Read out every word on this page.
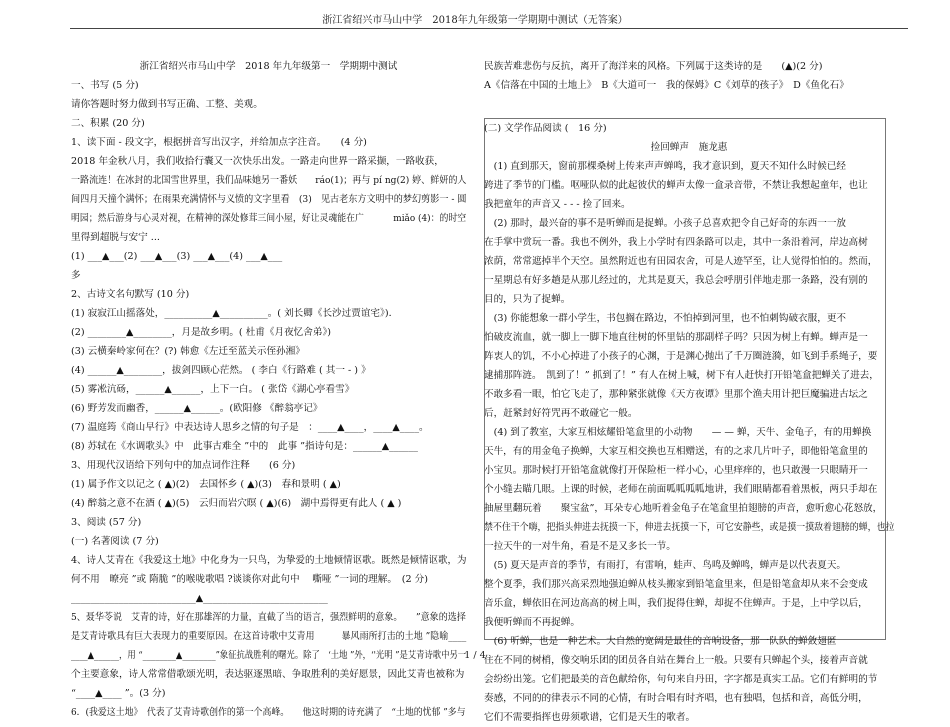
浙江省绍兴市马山中学　2018年九年级第一学期期中测试（无答案）
浙江省绍兴市马山中学　2018 年九年级第一　学期期中测试
一、书写 (5 分)
请你答题时努力做到书写正确、工整、美观。
二、积累 (20 分)
1、读下面 - 段文字，根据拼音写出汉字，并给加点字注音。　　(4 分)
2018 年金秋八月，我们收拾行囊又一次快乐出发。一路走向世界一路采撷，一路收获，
一路流连！在冰封的北国雪世界里，我们品味她另一番妖　　ráo(1)；再与 pí ng(2) 婷、鲜妍的人
间四月天撞个满怀；在雨果充满情怀与义愤的文字里看　(3)　见古老东方文明中的梦幻剪影一 - 圆
明园；然后游身与心灵对视，在精神的深处修茸三间小屋，好让灵魂能在广　　　 miǎo (4)：的时空
里得到超脱与安宁 ...
(1) ___▲___(2) ___▲___(3) ___▲___(4) ___▲___
多
2、古诗文名句默写 (10 分)
(1) 寂寂江山摇落处，__________▲__________。( 刘长卿《长沙过贾谊宅》)．
(2) ________▲________，月是故乡明。( 杜甫《月夜忆舍弟》)
(3) 云横秦岭家何在？(?) 韩愈《左迁至蓝关示侄孙湘》
(4) ______▲________，拔剑四顾心茫然。 ( 李白《行路难 ( 其一 - ) 》
(5) 雾凇沆砀，______▲______，上下一白。 ( 张岱《湖心亭看雪》
(6) 野芳发而幽香，______▲______。(欧阳修 《醉翁亭记》
(7) 温庭筠《商山早行》中表达诗人思乡之情的句子是　：____▲____，____▲____。
(8) 苏轼在《水调歌头》中　此事古难全 ”中的　此事 ”指诗句是：______▲______
3、用现代汉语给下列句中的加点词作注释　　(6 分)
(1) 属予作文以记之 ( ▲)(2)　去国怀乡 ( ▲)(3)　春和景明 ( ▲)
(4) 醉翁之意不在酒 ( ▲)(5)　云归而岩穴暝 ( ▲)(6)　湖中焉得更有此人 ( ▲ )
3、阅读 (57 分)
(一) 名著阅读 (7 分)
4、诗人艾青在《我爱这土地》中化身为一只鸟，为挚爱的土地倾情讴歌。既然是倾情讴歌，为
何不用　暸亮 ”或 隋脆 ”的喉咙歌唱 ?谈谈你对此句中　 嘶哑 ”一词的理解。　(2 分)
__________________________▲__________________________
5、聂华苓说　艾青的诗，好在那雄浑的力量，直截了当的语言，强烈鲜明的意象。　　”意象的选择
是艾青诗歌具有巨大表现力的重要原因。在这首诗歌中艾青用　　　暴风雨所打击的土地 ”隐喻____
____▲______，用 “________▲________”象征抗战胜利的曙光。除了　‘土地 ”外，‘'光明 ”是艾青诗歌中另一
个主要意象，诗人常常借歌颂光明，表达驱逐黑暗、争取胜利的美好愿景，因此艾青也被称为
“____▲____ ”。(3 分)
6．(我爱这土地》　代表了艾青诗歌创作的第一个高峰。　　他这时期的诗充满了　“土地的忧郁 ”多与
民族苦难悲伤与反抗，离开了海洋来的风格。下列属于这类诗的是　　(▲)(2 分)
A《信落在中国的土地上》　B《大道可一　我的保姆》C《刘草的孩子》　D《鱼化石》
(二) 文学作品阅读 (　16 分)
捡回蝉声　施龙惠
　(1) 直到那天，窗前那棵桑树上传来声声蝉鸣，我才意识到，夏天不知什么时候已经
跨进了季节的门槛。呕哑队似的此起彼伏的蝉声太像一盒录音带，不禁让我想起童年，也让
我把童年的声音又 - - - 捡了回来。
　(2) 那时，最兴奋的事不是听蝉而是捉蝉。小孩子总喜欢把令自己好奇的东西一一放
在手掌中赏玩一番。我也不例外，我上小学时有四条路可以走，其中一条沿着河，岸边高树
浓荫，常常遮掉半个天空。虽然附近也有田园农舍，可是人迹罕至，让人觉得怕怕的。然而，
一星期总有好多趟是从那儿经过的，尤其是夏天，我总会呼朋引伴地走那一条路，没有别的
目的，只为了捉蝉。
　(3) 你能想象一群小学生，书包搁在路边，不怕掉到河里，也不怕刺钩破衣服，更不
怕破皮流血，就一脚上一脚下地直往树的怀里钻的那副样子吗？只因为树上有蝉。蝉声是一
阵衷人的饥，不小心掉进了小孩子的心渊，于是渊心抛出了千万圈涟漪，如飞到手系绳子，要
逮捕那阵涟。　凯到了！” 抓到了！” 有人在树上喊，树下有人赶快打开铅笔盒把蝉关了进去，
不敢多看一眼，怕它飞走了，那种紧张就像《天方夜谭》里那个渔夫用计把巨魔骗进古坛之
后，赶紧封好符咒再不敢碰它一般。
　(4) 到了教室，大家互相炫耀铅笔盒里的小动物　　— — 蝉，天牛、金龟子，有的用蝉换
天牛，有的用金龟子换蝉，大家互相交换也互相赠送，有的之求几片叶子，即他铅笔盒里的
小宝贝。那时候打开铅笔盒就像打开保险柜一样小心，心里痒痒的，也只敢漫一只眼睛开一
个小缝去瞄几眼。上课的时候，老师在前面呱呱呱呱地讲，我们眼睛都看着黑板，两只手却在
抽屉里翻玩着　　聚宝盆”，耳朵专心地听着金龟子在笔盒里拍翅膀的声音，愈听愈心花怒放，
禁不住干个嗨，把指头伸进去抚摸一下，伸进去抚摸一下，可它安静些，或是摸一摸敌着翅膀的蝉，也拉
一拉天牛的一对牛角，看是不是又多长一节。
　(5) 夏天是声音的季节，有雨打，有雷响，蛙声、鸟鸣及蝉鸣，蝉声是以代表夏天。
整个夏季，我们那兴高采烈地强迫蝉从枝头搬家到铅笔盒里来，但是铅笔盒却从来不会变成
音乐盒，蝉依旧在河边高高的树上叫，我们捉得住蝉，却捉不住蝉声。于是，上中学以后，
我便听蝉而不再捉蝉。
　(6) 听蝉，也是一种艺术。大自然的宽阔是最佳的音响设备，那一队队的蝉敛翅匿
住在不同的树梢，像交响乐团的团员各自站在舞台上一般。只要有只蝉起个头，接着声音就
会纷纷出笼。它们把最美的音色献给你，句句来自丹田，字字都是真实工品。它们有鲜明的节
奏感，不同的的律表示不同的心情，有时合唱有时齐唱，也有独唱，包括和音，高低分明，
它们不需要指挥也毋须歌谱，它们是天生的歌者。
1 / 4
